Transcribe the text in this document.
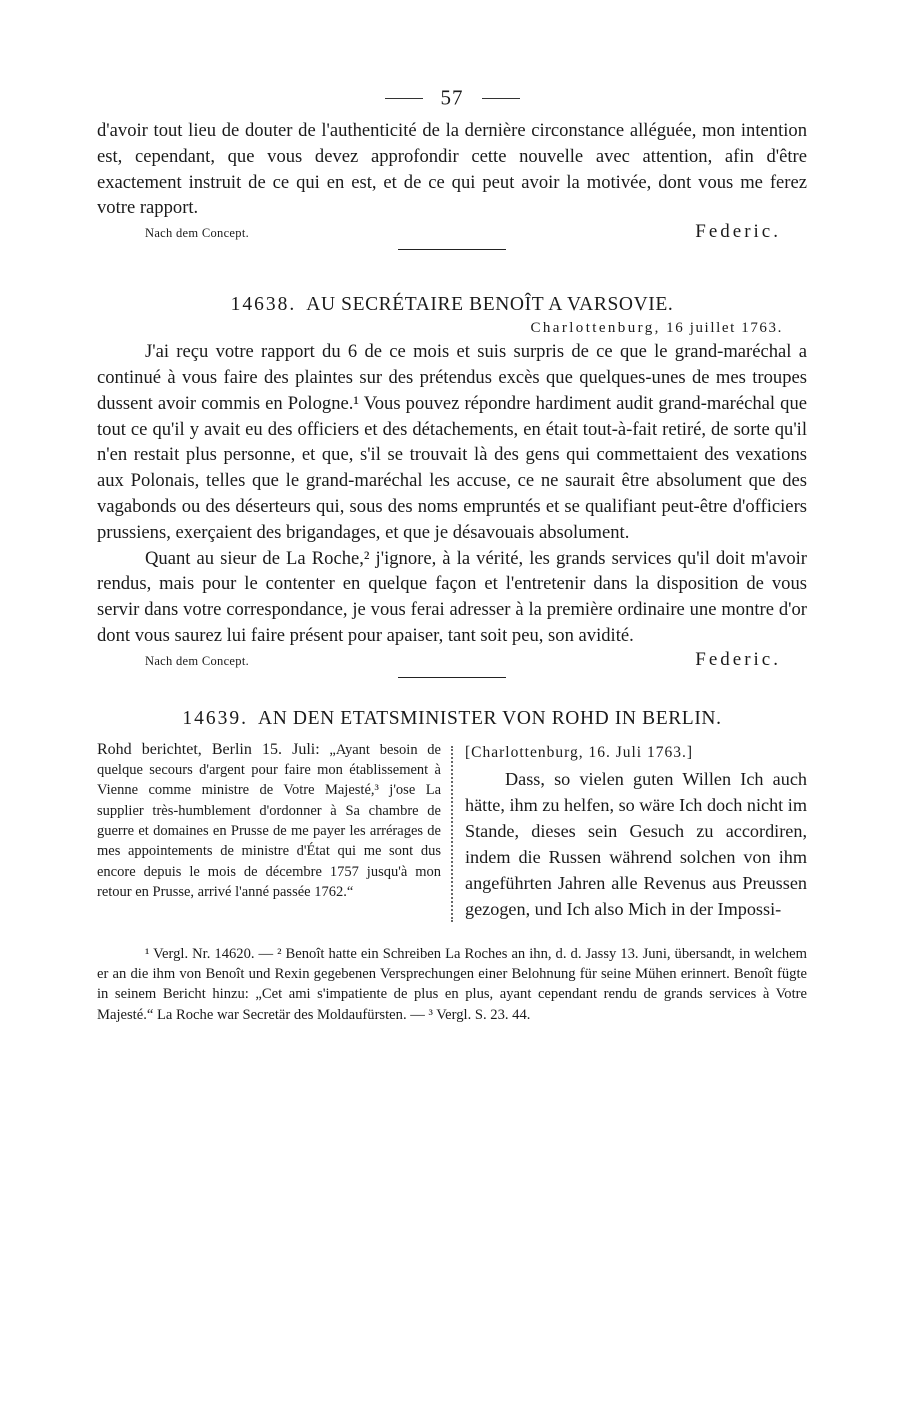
57

d'avoir tout lieu de douter de l'authenticité de la dernière circonstance alléguée, mon intention est, cependant, que vous devez approfondir cette nouvelle avec attention, afin d'être exactement instruit de ce qui en est, et de ce qui peut avoir la motivée, dont vous me ferez votre rapport.

Nach dem Concept.	Federic.
14638. AU SECRÉTAIRE BENOÎT A VARSOVIE.
Charlottenburg, 16 juillet 1763.

J'ai reçu votre rapport du 6 de ce mois et suis surpris de ce que le grand-maréchal a continué à vous faire des plaintes sur des prétendus excès que quelques-unes de mes troupes dussent avoir commis en Pologne.¹ Vous pouvez répondre hardiment audit grand-maréchal que tout ce qu'il y avait eu des officiers et des détachements, en était tout-à-fait retiré, de sorte qu'il n'en restait plus personne, et que, s'il se trouvait là des gens qui commettaient des vexations aux Polonais, telles que le grand-maréchal les accuse, ce ne saurait être absolument que des vagabonds ou des déserteurs qui, sous des noms empruntés et se qualifiant peut-être d'officiers prussiens, exerçaient des brigandages, et que je désavouais absolument.

Quant au sieur de La Roche,² j'ignore, à la vérité, les grands services qu'il doit m'avoir rendus, mais pour le contenter en quelque façon et l'entretenir dans la disposition de vous servir dans votre correspondance, je vous ferai adresser à la première ordinaire une montre d'or dont vous saurez lui faire présent pour apaiser, tant soit peu, son avidité.

Nach dem Concept.	Federic.
14639. AN DEN ETATSMINISTER VON ROHD IN BERLIN.
Rohd berichtet, Berlin 15. Juli: „Ayant besoin de quelque secours d'argent pour faire mon établissement à Vienne comme ministre de Votre Majesté,³ j'ose La supplier très-humblement d'ordonner à Sa chambre de guerre et domaines en Prusse de me payer les arrérages de mes appointements de ministre d'État qui me sont dus encore depuis le mois de décembre 1757 jusqu'à mon retour en Prusse, arrivé l'anné passée 1762.“
[Charlottenburg, 16. Juli 1763.]
Dass, so vielen guten Willen Ich auch hätte, ihm zu helfen, so wäre Ich doch nicht im Stande, dieses sein Gesuch zu accordiren, indem die Russen während solchen von ihm angeführten Jahren alle Revenus aus Preussen gezogen, und Ich also Mich in der Impossi-

¹ Vergl. Nr. 14620. — ² Benoît hatte ein Schreiben La Roches an ihn, d. d. Jassy 13. Juni, übersandt, in welchem er an die ihm von Benoît und Rexin gegebenen Versprechungen einer Belohnung für seine Mühen erinnert. Benoît fügte in seinem Bericht hinzu: „Cet ami s'impatiente de plus en plus, ayant cependant rendu de grands services à Votre Majesté.“ La Roche war Secretär des Moldaufürsten. — ³ Vergl. S. 23. 44.
